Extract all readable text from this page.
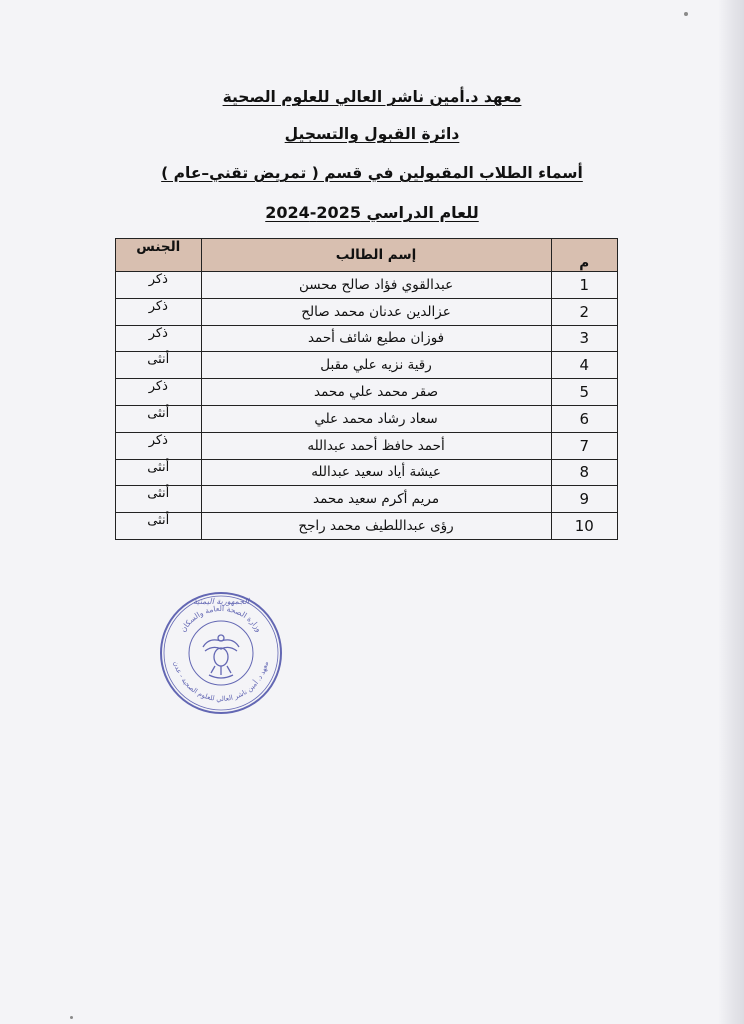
معهد د.أمين ناشر العالي للعلوم الصحية
دائرة القبول والتسجيل
أسماء الطلاب المقبولين في قسم ( تمريض تقني–عام )
للعام الدراسي 2025-2024
م	إسم الطالب	الجنس
1	عبدالقوي فؤاد صالح محسن	ذكر
2	عزالدين عدنان محمد صالح	ذكر
3	فوزان مطيع شائف أحمد	ذكر
4	رقية نزيه علي مقبل	أنثى
5	صقر محمد علي محمد	ذكر
6	سعاد رشاد محمد علي	أنثى
7	أحمد حافظ أحمد عبدالله	ذكر
8	عيشة أياد سعيد عبدالله	أنثى
9	مريم أكرم سعيد محمد	أنثى
10	رؤى عبداللطيف محمد راجح	أنثى
وزارة الصحة العامة والسكان
معهد د. أمين ناشر العالي للعلوم الصحية - عدن
الجمهورية اليمنية
